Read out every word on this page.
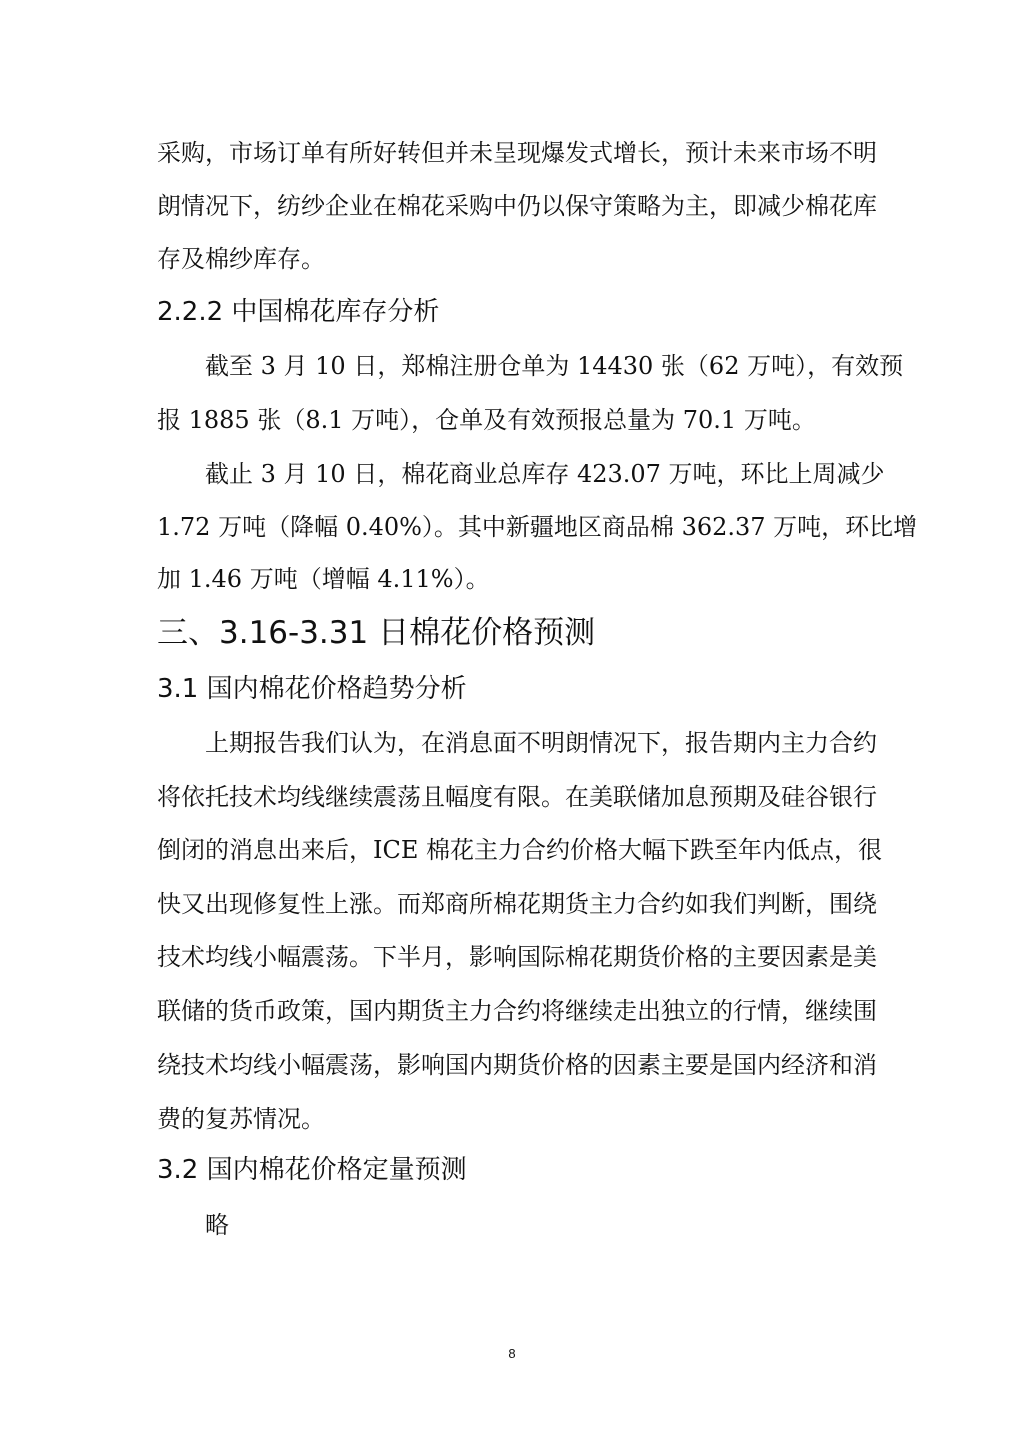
采购，市场订单有所好转但并未呈现爆发式增长，预计未来市场不明
朗情况下，纺纱企业在棉花采购中仍以保守策略为主，即减少棉花库
存及棉纱库存。
2.2.2 中国棉花库存分析
截至 3 月 10 日，郑棉注册仓单为 14430 张（62 万吨），有效预
报 1885 张（8.1 万吨），仓单及有效预报总量为 70.1 万吨。
截止 3 月 10 日，棉花商业总库存 423.07 万吨，环比上周减少
1.72 万吨（降幅 0.40%）。其中新疆地区商品棉 362.37 万吨，环比增
加 1.46 万吨（增幅 4.11%）。
三、3.16-3.31 日棉花价格预测
3.1 国内棉花价格趋势分析
上期报告我们认为，在消息面不明朗情况下，报告期内主力合约
将依托技术均线继续震荡且幅度有限。在美联储加息预期及硅谷银行
倒闭的消息出来后，ICE 棉花主力合约价格大幅下跌至年内低点，很
快又出现修复性上涨。而郑商所棉花期货主力合约如我们判断，围绕
技术均线小幅震荡。下半月，影响国际棉花期货价格的主要因素是美
联储的货币政策，国内期货主力合约将继续走出独立的行情，继续围
绕技术均线小幅震荡，影响国内期货价格的因素主要是国内经济和消
费的复苏情况。
3.2 国内棉花价格定量预测
略
8
